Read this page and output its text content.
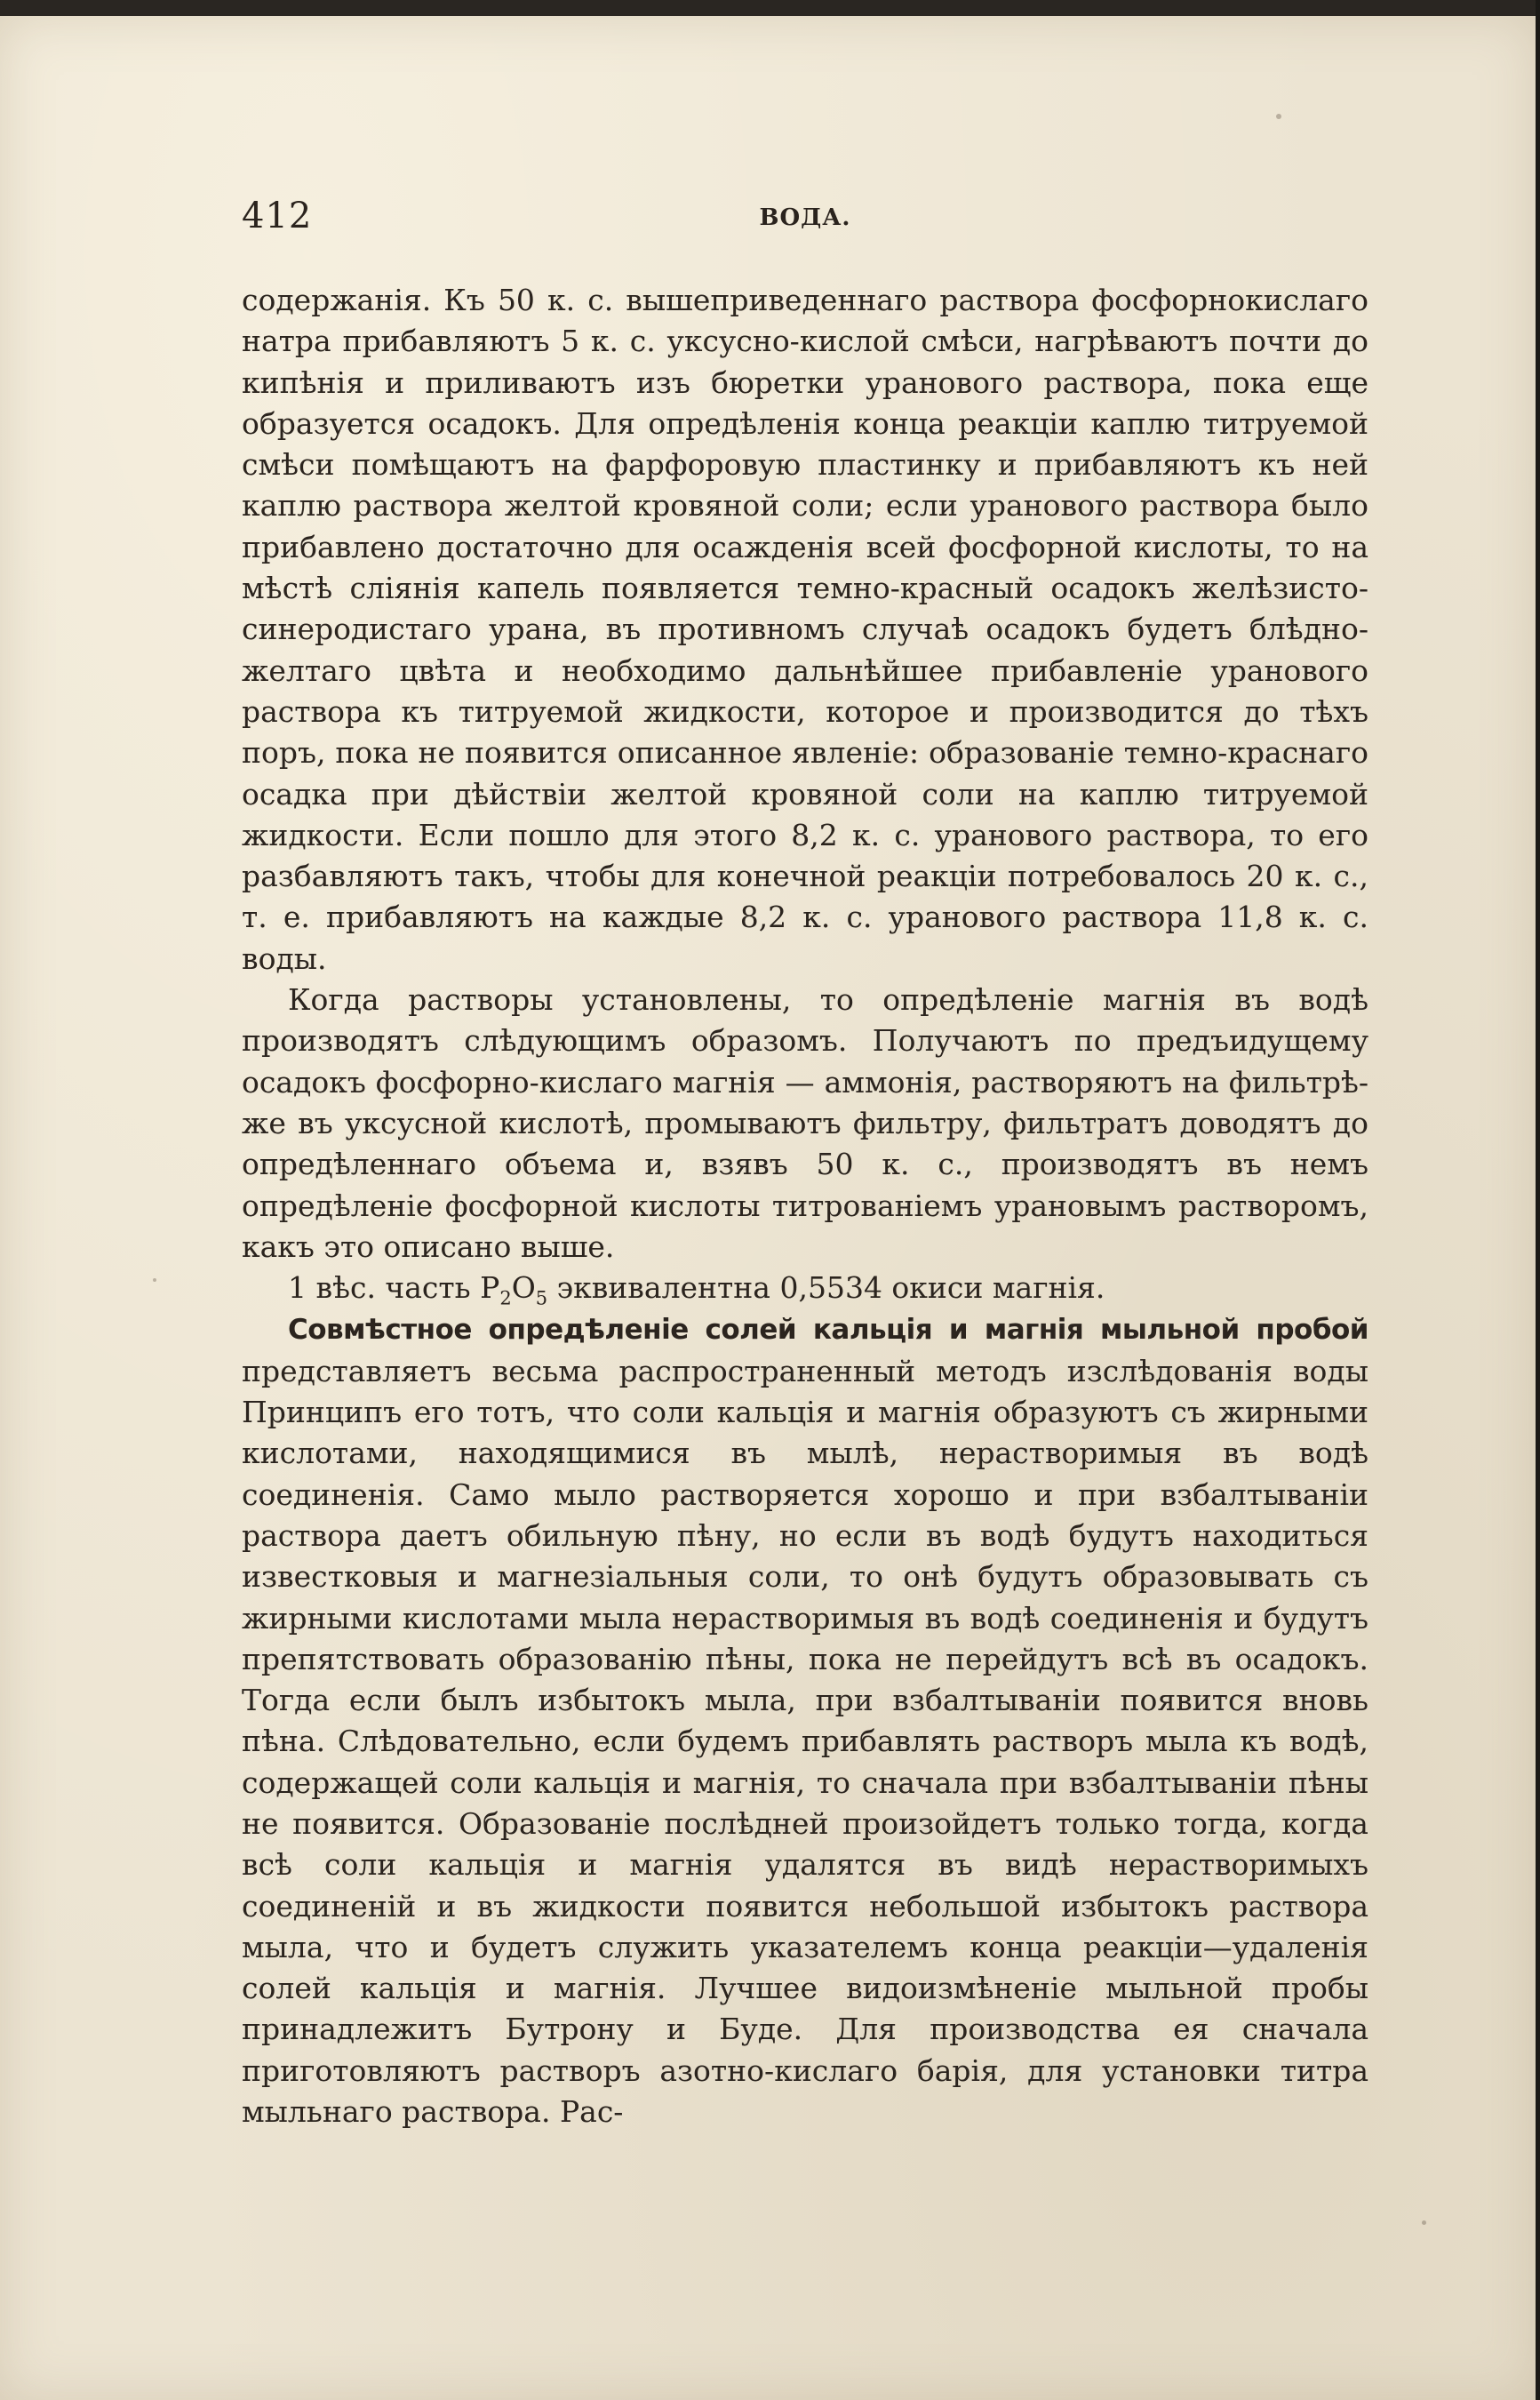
412	ВОДА.

содержанія. Къ 50 к. с. вышеприведеннаго раствора фосфорнокислаго натра прибавляютъ 5 к. с. уксусно-кислой смѣси, нагрѣваютъ почти до кипѣнія и приливаютъ изъ бюретки уранового раствора, пока еще образуется осадокъ. Для опредѣленія конца реакціи каплю титруемой смѣси помѣщаютъ на фарфоровую пластинку и прибавляютъ къ ней каплю раствора желтой кровяной соли; если уранового раствора было прибавлено достаточно для осажденія всей фосфорной кислоты, то на мѣстѣ сліянія капель появляется темно-красный осадокъ желѣзисто-синеродистаго урана, въ противномъ случаѣ осадокъ будетъ блѣдно-желтаго цвѣта и необходимо дальнѣйшее прибавленіе уранового раствора къ титруемой жидкости, которое и производится до тѣхъ поръ, пока не появится описанное явленіе: образованіе темно-краснаго осадка при дѣйствіи желтой кровяной соли на каплю титруемой жидкости. Если пошло для этого 8,2 к. с. уранового раствора, то его разбавляютъ такъ, чтобы для конечной реакціи потребовалось 20 к. с., т. е. прибавляютъ на каждые 8,2 к. с. уранового раствора 11,8 к. с. воды.

Когда растворы установлены, то опредѣленіе магнія въ водѣ производятъ слѣдующимъ образомъ. Получаютъ по предъидущему осадокъ фосфорно-кислаго магнія — аммонія, растворяютъ на фильтрѣ-же въ уксусной кислотѣ, промываютъ фильтру, фильтратъ доводятъ до опредѣленнаго объема и, взявъ 50 к. с., производятъ въ немъ опредѣленіе фосфорной кислоты титрованіемъ урановымъ растворомъ, какъ это описано выше.

1 вѣс. часть $P_2O_5$ эквивалентна 0,5534 окиси магнія.

Совмѣстное опредѣленіе солей кальція и магнія мыльной пробой представляетъ весьма распространенный методъ изслѣдованія воды Принципъ его тотъ, что соли кальція и магнія образуютъ съ жирными кислотами, находящимися въ мылѣ, нерастворимыя въ водѣ соединенія. Само мыло растворяется хорошо и при взбалтываніи раствора даетъ обильную пѣну, но если въ водѣ будутъ находиться известковыя и магнезіальныя соли, то онѣ будутъ образовывать съ жирными кислотами мыла нерастворимыя въ водѣ соединенія и будутъ препятствовать образованію пѣны, пока не перейдутъ всѣ въ осадокъ. Тогда если былъ избытокъ мыла, при взбалтываніи появится вновь пѣна. Слѣдовательно, если будемъ прибавлять растворъ мыла къ водѣ, содержащей соли кальція и магнія, то сначала при взбалтываніи пѣны не появится. Образованіе послѣдней произойдетъ только тогда, когда всѣ соли кальція и магнія удалятся въ видѣ нерастворимыхъ соединеній и въ жидкости появится небольшой избытокъ раствора мыла, что и будетъ служить указателемъ конца реакціи—удаленія солей кальція и магнія. Лучшее видоизмѣненіе мыльной пробы принадлежитъ Бутрону и Буде. Для производства ея сначала приготовляютъ растворъ азотно-кислаго барія, для установки титра мыльнаго раствора. Рас-
